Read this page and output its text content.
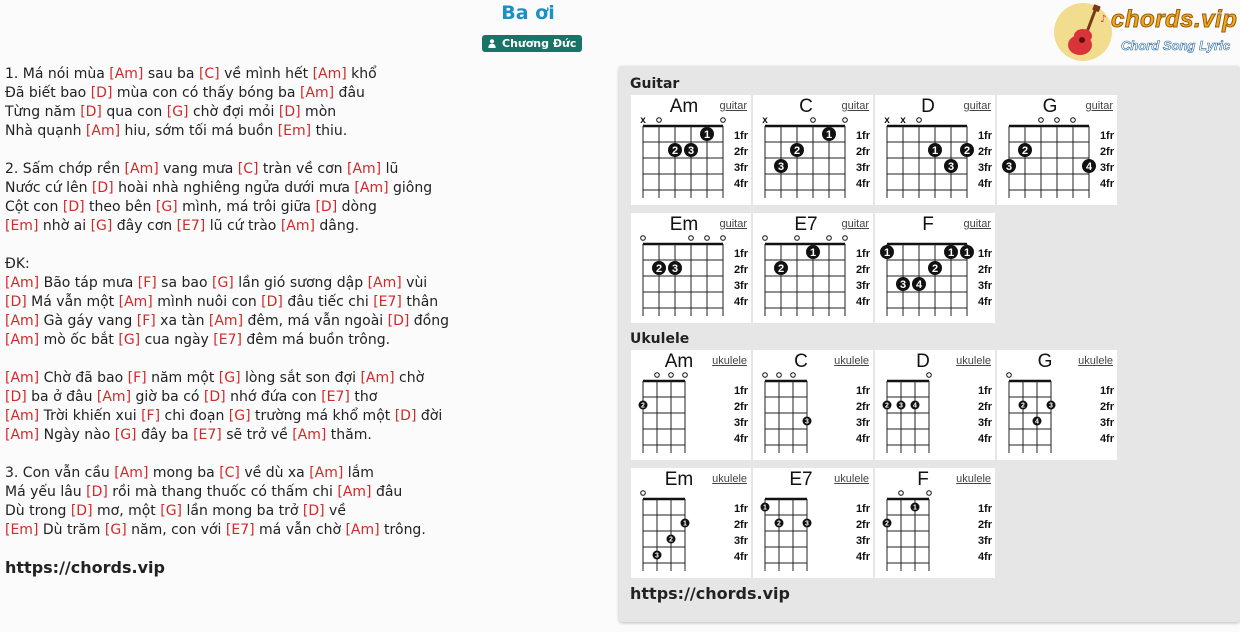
Ba ơi
Chương Đức
♪ chords.vip
Chord Song Lyric
1. Má nói mùa [Am] sau ba [C] về mình hết [Am] khổ
Đã biết bao [D] mùa con có thấy bóng ba [Am] đâu
Từng năm [D] qua con [G] chờ đợi mỏi [D] mòn
Nhà quạnh [Am] hiu, sớm tối má buồn [Em] thiu.
2. Sấm chớp rền [Am] vang mưa [C] tràn về cơn [Am] lũ
Nước cứ lên [D] hoài nhà nghiêng ngửa dưới mưa [Am] giông
Cột con [D] theo bên [G] mình, má trôi giữa [D] dòng
[Em] nhờ ai [G] đây cơn [E7] lũ cứ trào [Am] dâng.
ĐK:
[Am] Bão táp mưa [F] sa bao [G] lần gió sương dập [Am] vùi
[D] Má vẫn một [Am] mình nuôi con [D] đâu tiếc chi [E7] thân
[Am] Gà gáy vang [F] xa tàn [Am] đêm, má vẫn ngoài [D] đồng
[Am] mò ốc bắt [G] cua ngày [E7] đêm má buồn trông.
[Am] Chờ đã bao [F] năm một [G] lòng sắt son đợi [Am] chờ
[D] ba ở đâu [Am] giờ ba có [D] nhớ đứa con [E7] thơ
[Am] Trời khiến xui [F] chi đoạn [G] trường má khổ một [D] đời
[Am] Ngày nào [G] đây ba [E7] sẽ trở về [Am] thăm.
3. Con vẫn cầu [Am] mong ba [C] về dù xa [Am] lắm
Má yếu lâu [D] rồi mà thang thuốc có thấm chi [Am] đâu
Dù trong [D] mơ, một [G] lần mong ba trở [D] về
[Em] Dù trăm [G] năm, con với [E7] má vẫn chờ [Am] trông.
https://chords.vip
Guitar
Ukulele
1fr
2fr
3fr
4fr
x
1
2 3
Am	guitar
1fr
2fr
3fr
4fr
x
1
2
3
C	guitar
1fr
2fr
3fr
4fr
x x
1 2
3
D	guitar
1fr
2fr
3fr
4fr
2
3	4
G	guitar
1fr
2fr
3fr
4fr
2 3
Em	guitar
1fr
2fr
3fr
4fr
1
2
E7	guitar
1fr
2fr
3fr
4fr
1	1 1
2
3 4
F	guitar
1fr
2fr
3fr
4fr
2
Am	ukulele
1fr
2fr
3fr
4fr
3
C	ukulele
1fr
2fr
3fr
4fr
2 3 4
D	ukulele
1fr
2fr
3fr
4fr
2	3
4
G	ukulele
1fr
2fr
3fr
4fr
1
2
3
Em	ukulele
1fr
2fr
3fr
4fr
1
2	3
E7	ukulele
1fr
2fr
3fr
4fr
1
2
F	ukulele
https://chords.vip
